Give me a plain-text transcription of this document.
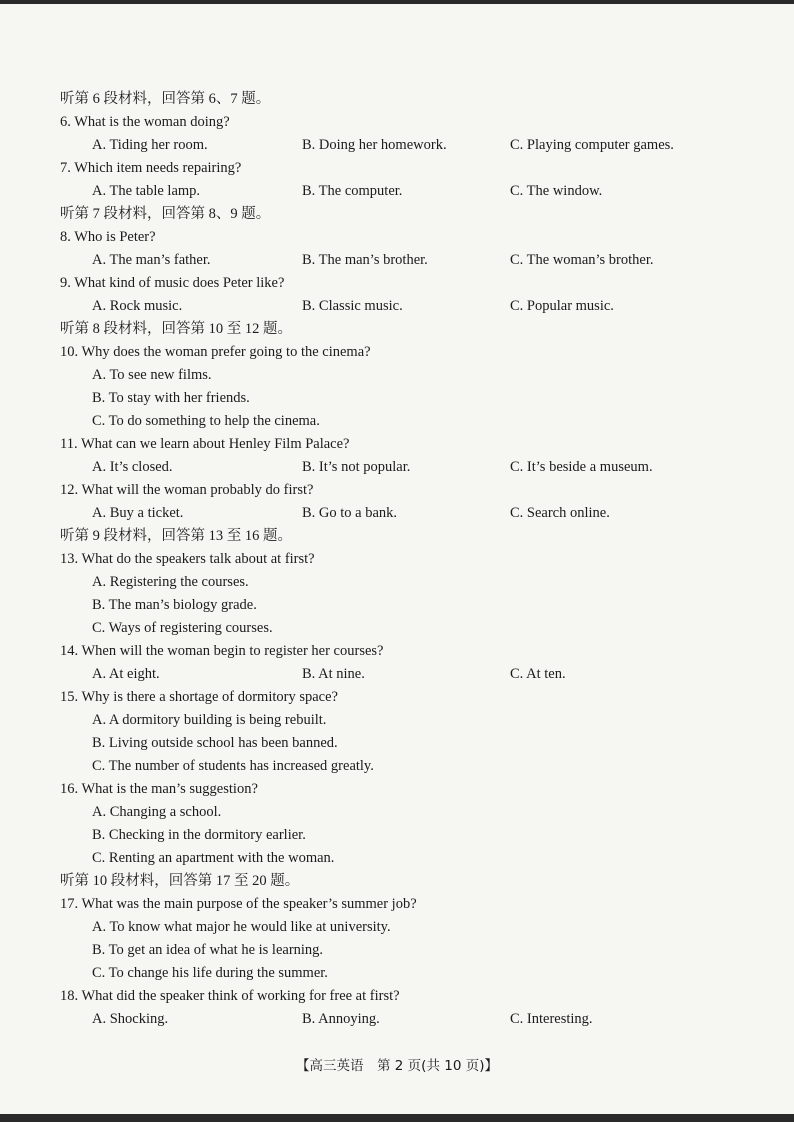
听第 6 段材料，回答第 6、7 题。
6. What is the woman doing?
A. Tiding her room.	B. Doing her homework.	C. Playing computer games.
7. Which item needs repairing?
A. The table lamp.	B. The computer.	C. The window.
听第 7 段材料，回答第 8、9 题。
8. Who is Peter?
A. The man’s father.	B. The man’s brother.	C. The woman’s brother.
9. What kind of music does Peter like?
A. Rock music.	B. Classic music.	C. Popular music.
听第 8 段材料，回答第 10 至 12 题。
10. Why does the woman prefer going to the cinema?
A. To see new films.
B. To stay with her friends.
C. To do something to help the cinema.
11. What can we learn about Henley Film Palace?
A. It’s closed.	B. It’s not popular.	C. It’s beside a museum.
12. What will the woman probably do first?
A. Buy a ticket.	B. Go to a bank.	C. Search online.
听第 9 段材料，回答第 13 至 16 题。
13. What do the speakers talk about at first?
A. Registering the courses.
B. The man’s biology grade.
C. Ways of registering courses.
14. When will the woman begin to register her courses?
A. At eight.	B. At nine.	C. At ten.
15. Why is there a shortage of dormitory space?
A. A dormitory building is being rebuilt.
B. Living outside school has been banned.
C. The number of students has increased greatly.
16. What is the man’s suggestion?
A. Changing a school.
B. Checking in the dormitory earlier.
C. Renting an apartment with the woman.
听第 10 段材料，回答第 17 至 20 题。
17. What was the main purpose of the speaker’s summer job?
A. To know what major he would like at university.
B. To get an idea of what he is learning.
C. To change his life during the summer.
18. What did the speaker think of working for free at first?
A. Shocking.	B. Annoying.	C. Interesting.
【高三英语　第 2 页(共 10 页)】
